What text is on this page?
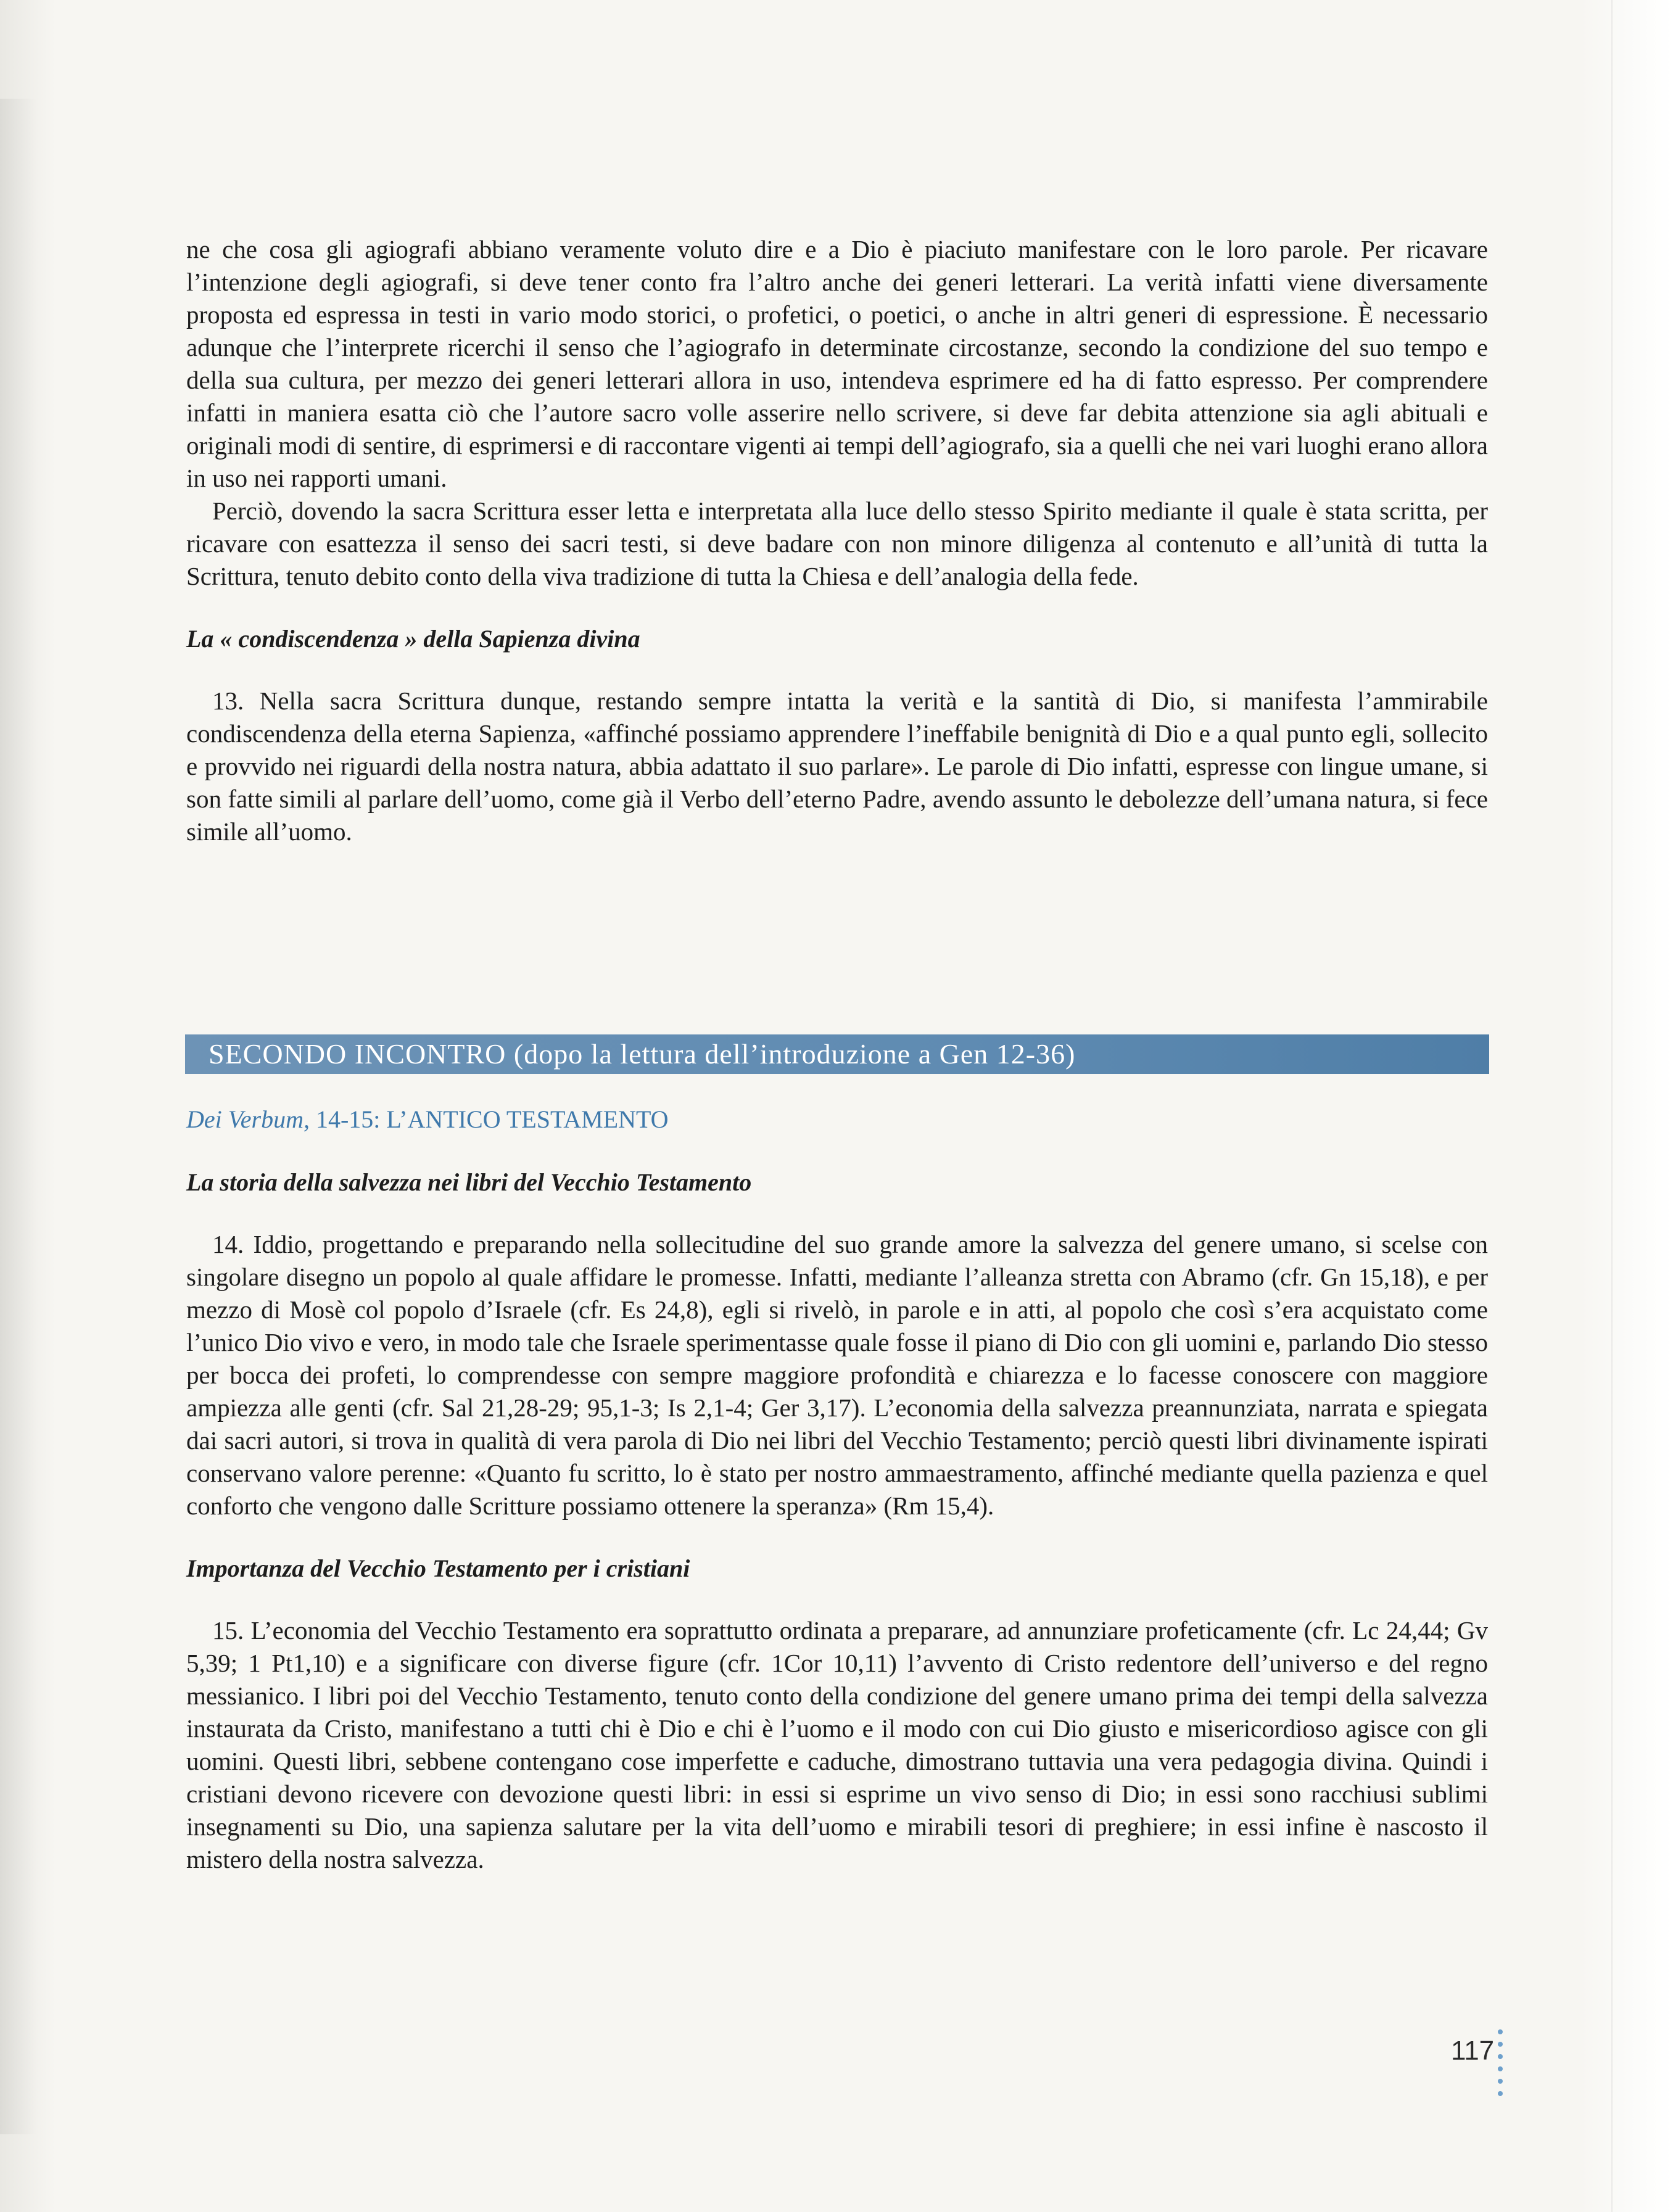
ne che cosa gli agiografi abbiano veramente voluto dire e a Dio è piaciuto manifestare con le loro parole. Per ricavare l’intenzione degli agiografi, si deve tener conto fra l’altro anche dei generi letterari. La verità infatti viene diversamente proposta ed espressa in testi in vario modo storici, o profetici, o poetici, o anche in altri generi di espressione. È necessario adunque che l’interprete ricerchi il senso che l’agiografo in determinate circostanze, secondo la condizione del suo tempo e della sua cultura, per mezzo dei generi letterari allora in uso, intendeva esprimere ed ha di fatto espresso. Per comprendere infatti in maniera esatta ciò che l’autore sacro volle asserire nello scrivere, si deve far debita attenzione sia agli abituali e originali modi di sentire, di esprimersi e di raccontare vigenti ai tempi dell’agiografo, sia a quelli che nei vari luoghi erano allora in uso nei rapporti umani.

Perciò, dovendo la sacra Scrittura esser letta e interpretata alla luce dello stesso Spirito mediante il quale è stata scritta, per ricavare con esattezza il senso dei sacri testi, si deve badare con non minore diligenza al contenuto e all’unità di tutta la Scrittura, tenuto debito conto della viva tradizione di tutta la Chiesa e dell’analogia della fede.

La « condiscendenza » della Sapienza divina

13. Nella sacra Scrittura dunque, restando sempre intatta la verità e la santità di Dio, si manifesta l’ammirabile condiscendenza della eterna Sapienza, «affinché possiamo apprendere l’ineffabile benignità di Dio e a qual punto egli, sollecito e provvido nei riguardi della nostra natura, abbia adattato il suo parlare». Le parole di Dio infatti, espresse con lingue umane, si son fatte simili al parlare dell’uomo, come già il Verbo dell’eterno Padre, avendo assunto le debolezze dell’umana natura, si fece simile all’uomo.

SECONDO INCONTRO (dopo la lettura dell’introduzione a Gen 12-36)
Dei Verbum, 14-15: L’ANTICO TESTAMENTO

La storia della salvezza nei libri del Vecchio Testamento

14. Iddio, progettando e preparando nella sollecitudine del suo grande amore la salvezza del genere umano, si scelse con singolare disegno un popolo al quale affidare le promesse. Infatti, mediante l’alleanza stretta con Abramo (cfr. Gn 15,18), e per mezzo di Mosè col popolo d’Israele (cfr. Es 24,8), egli si rivelò, in parole e in atti, al popolo che così s’era acquistato come l’unico Dio vivo e vero, in modo tale che Israele sperimentasse quale fosse il piano di Dio con gli uomini e, parlando Dio stesso per bocca dei profeti, lo comprendesse con sempre maggiore profondità e chiarezza e lo facesse conoscere con maggiore ampiezza alle genti (cfr. Sal 21,28-29; 95,1-3; Is 2,1-4; Ger 3,17). L’economia della salvezza preannunziata, narrata e spiegata dai sacri autori, si trova in qualità di vera parola di Dio nei libri del Vecchio Testamento; perciò questi libri divinamente ispirati conservano valore perenne: «Quanto fu scritto, lo è stato per nostro ammaestramento, affinché mediante quella pazienza e quel conforto che vengono dalle Scritture possiamo ottenere la speranza» (Rm 15,4).

Importanza del Vecchio Testamento per i cristiani

15. L’economia del Vecchio Testamento era soprattutto ordinata a preparare, ad annunziare profeticamente (cfr. Lc 24,44; Gv 5,39; 1 Pt1,10) e a significare con diverse figure (cfr. 1Cor 10,11) l’avvento di Cristo redentore dell’universo e del regno messianico. I libri poi del Vecchio Testamento, tenuto conto della condizione del genere umano prima dei tempi della salvezza instaurata da Cristo, manifestano a tutti chi è Dio e chi è l’uomo e il modo con cui Dio giusto e misericordioso agisce con gli uomini. Questi libri, sebbene contengano cose imperfette e caduche, dimostrano tuttavia una vera pedagogia divina. Quindi i cristiani devono ricevere con devozione questi libri: in essi si esprime un vivo senso di Dio; in essi sono racchiusi sublimi insegnamenti su Dio, una sapienza salutare per la vita dell’uomo e mirabili tesori di preghiere; in essi infine è nascosto il mistero della nostra salvezza.

117
